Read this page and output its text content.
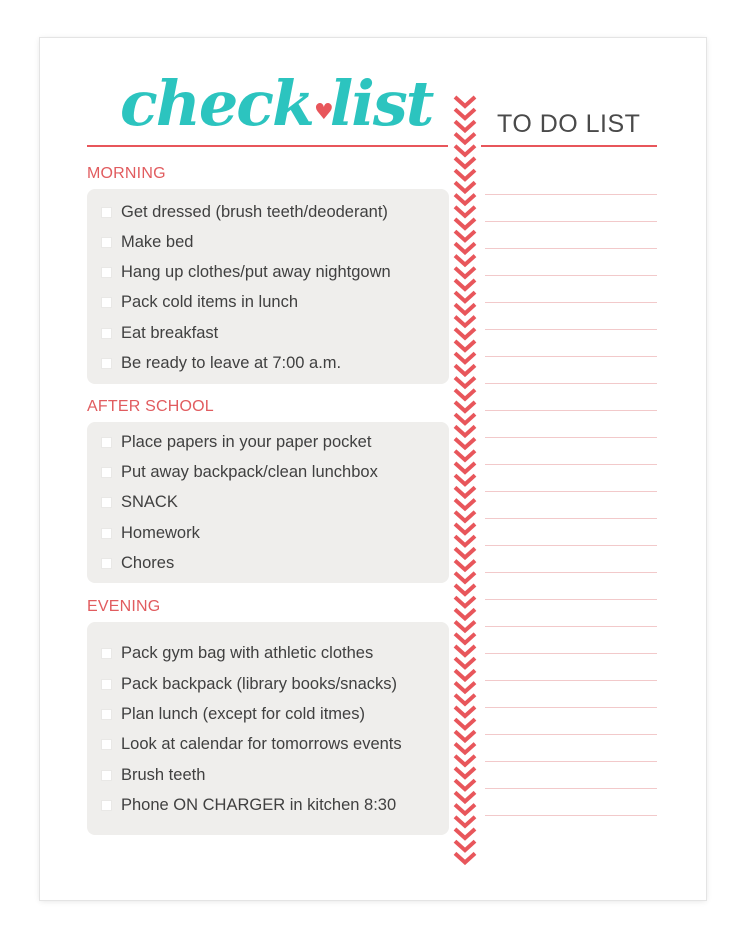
check♥list	TO DO LIST
MORNING
Get dressed (brush teeth/deoderant)
Make bed
Hang up clothes/put away nightgown
Pack cold items in lunch
Eat breakfast
Be ready to leave at 7:00 a.m.
AFTER SCHOOL
Place papers in your paper pocket
Put away backpack/clean lunchbox
SNACK
Homework
Chores
EVENING
Pack gym bag with athletic clothes
Pack backpack (library books/snacks)
Plan lunch (except for cold itmes)
Look at calendar for tomorrows events
Brush teeth
Phone ON CHARGER in kitchen 8:30
